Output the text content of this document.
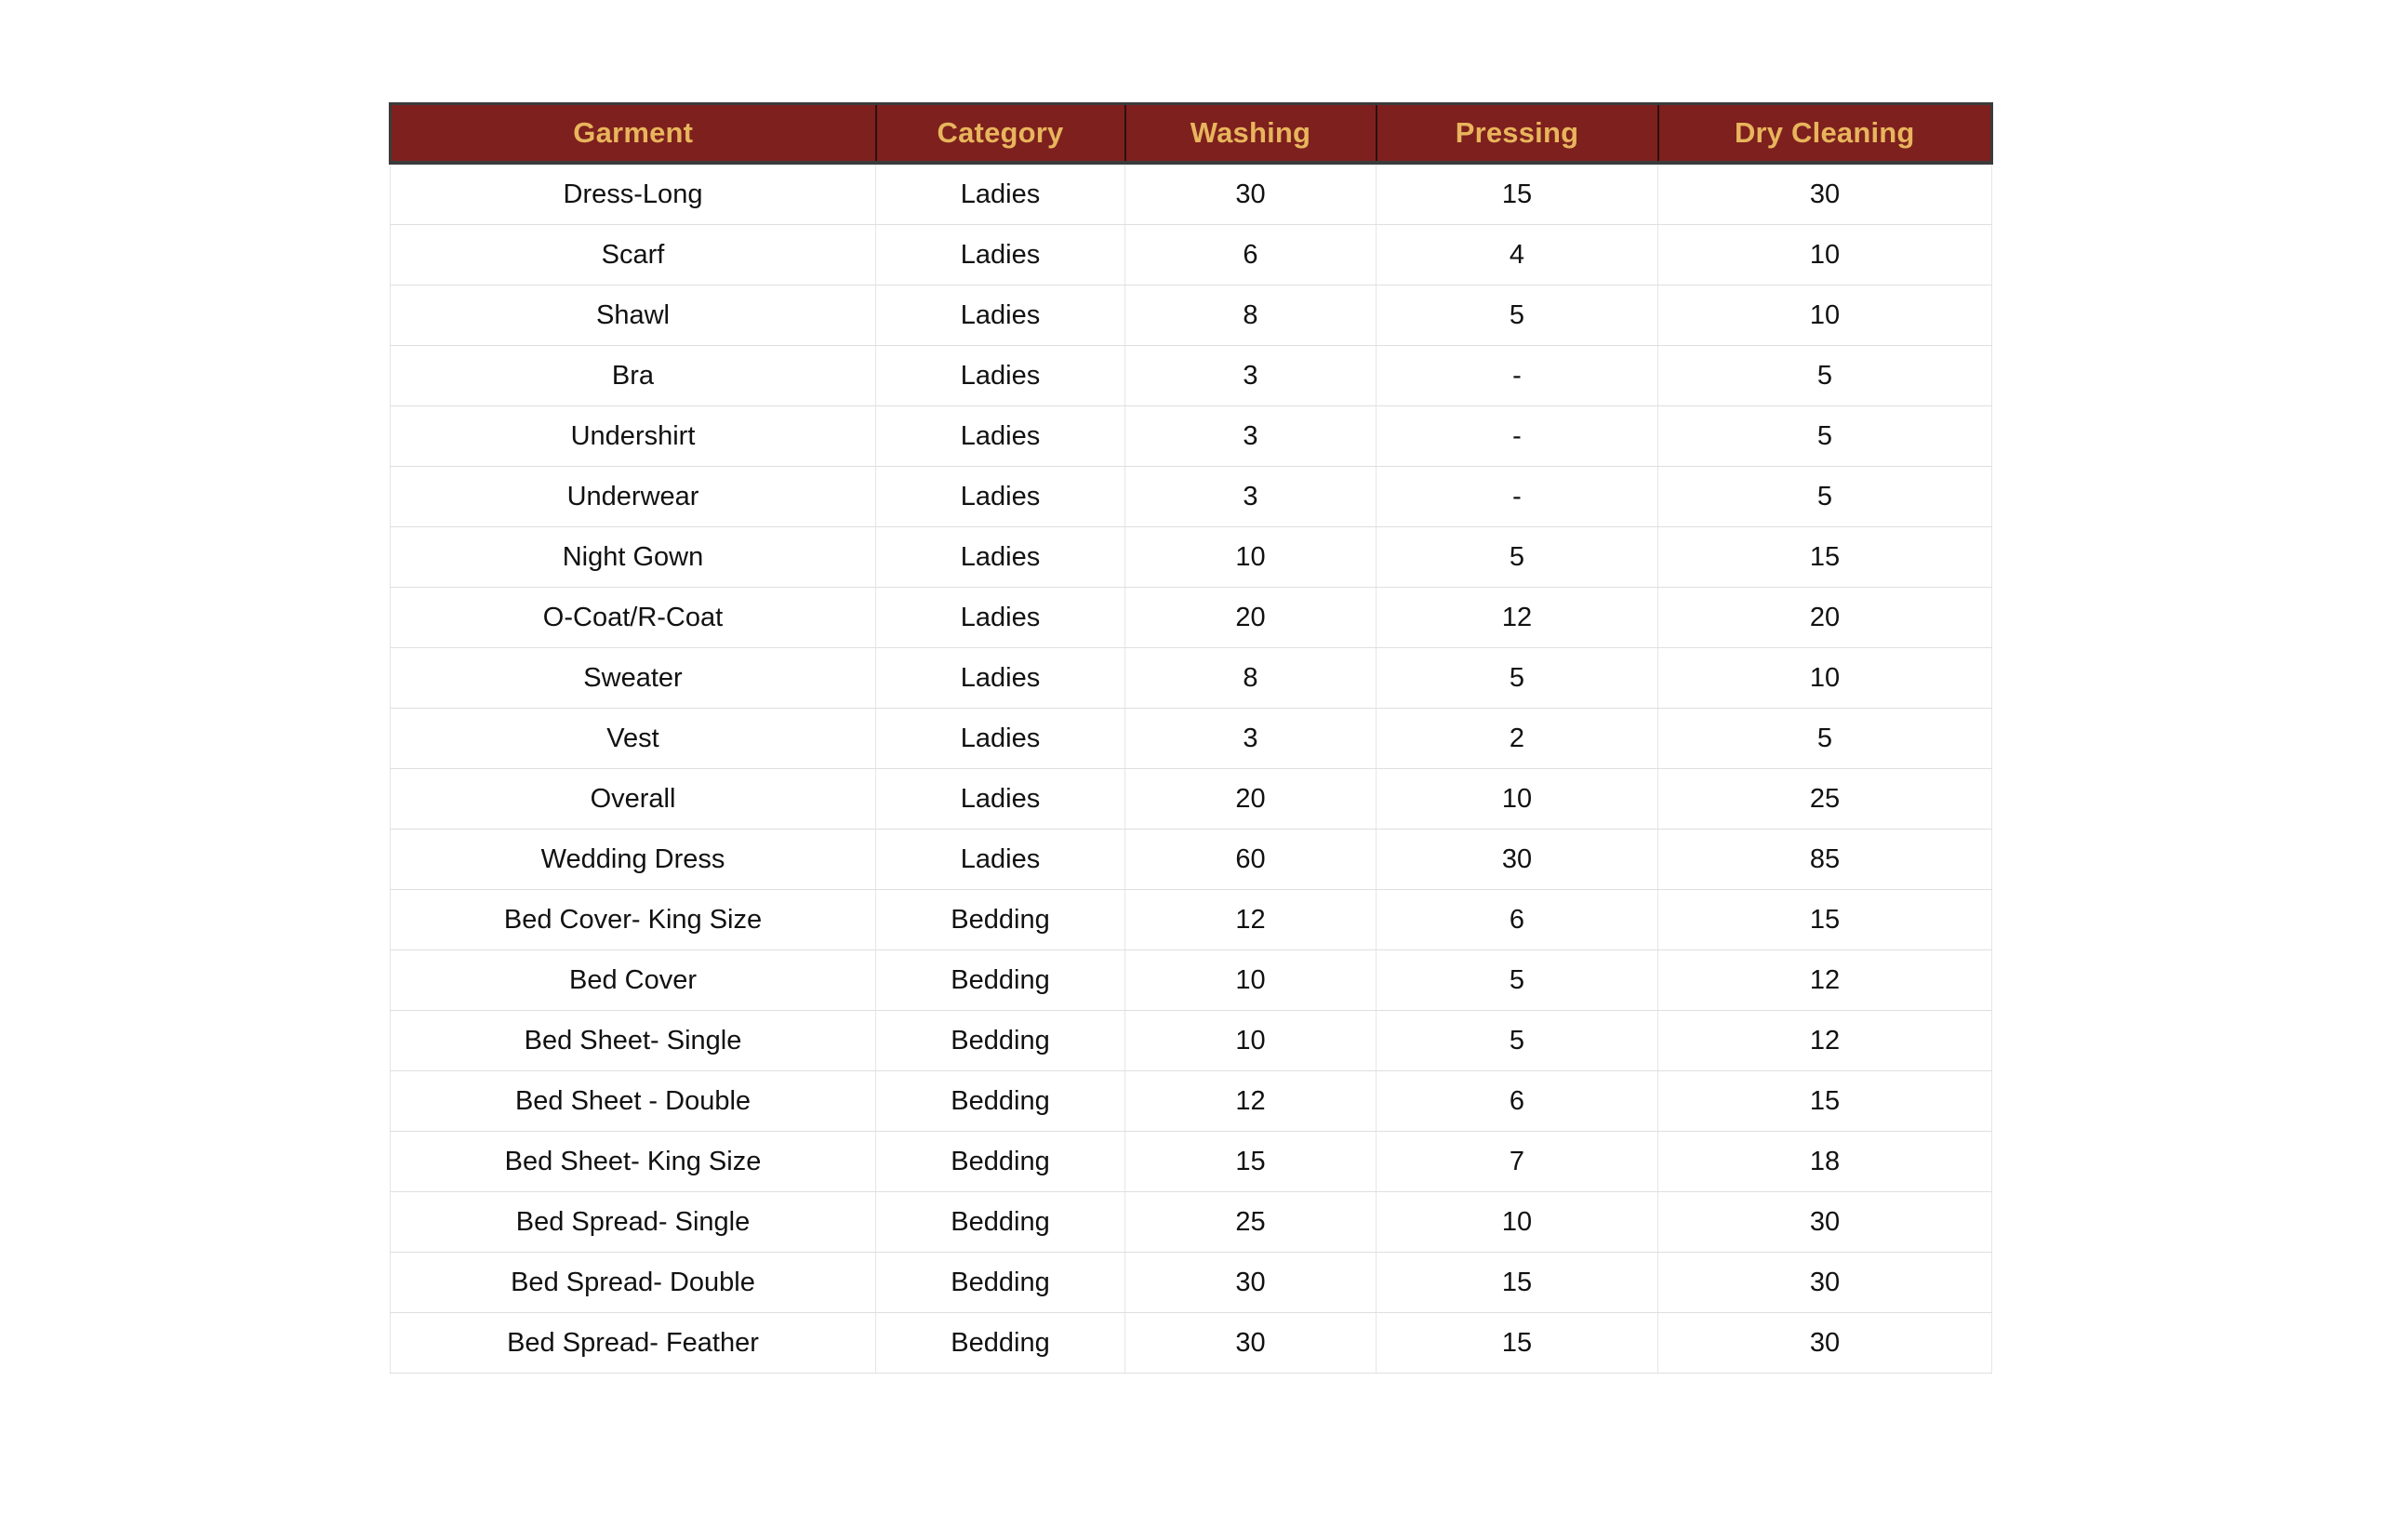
Garment	Category	Washing	Pressing	Dry Cleaning
Dress-Long	Ladies	30	15	30
Scarf	Ladies	6	4	10
Shawl	Ladies	8	5	10
Bra	Ladies	3	-	5
Undershirt	Ladies	3	-	5
Underwear	Ladies	3	-	5
Night Gown	Ladies	10	5	15
O-Coat/R-Coat	Ladies	20	12	20
Sweater	Ladies	8	5	10
Vest	Ladies	3	2	5
Overall	Ladies	20	10	25
Wedding Dress	Ladies	60	30	85
Bed Cover- King Size	Bedding	12	6	15
Bed Cover	Bedding	10	5	12
Bed Sheet- Single	Bedding	10	5	12
Bed Sheet - Double	Bedding	12	6	15
Bed Sheet- King Size	Bedding	15	7	18
Bed Spread- Single	Bedding	25	10	30
Bed Spread- Double	Bedding	30	15	30
Bed Spread- Feather	Bedding	30	15	30
